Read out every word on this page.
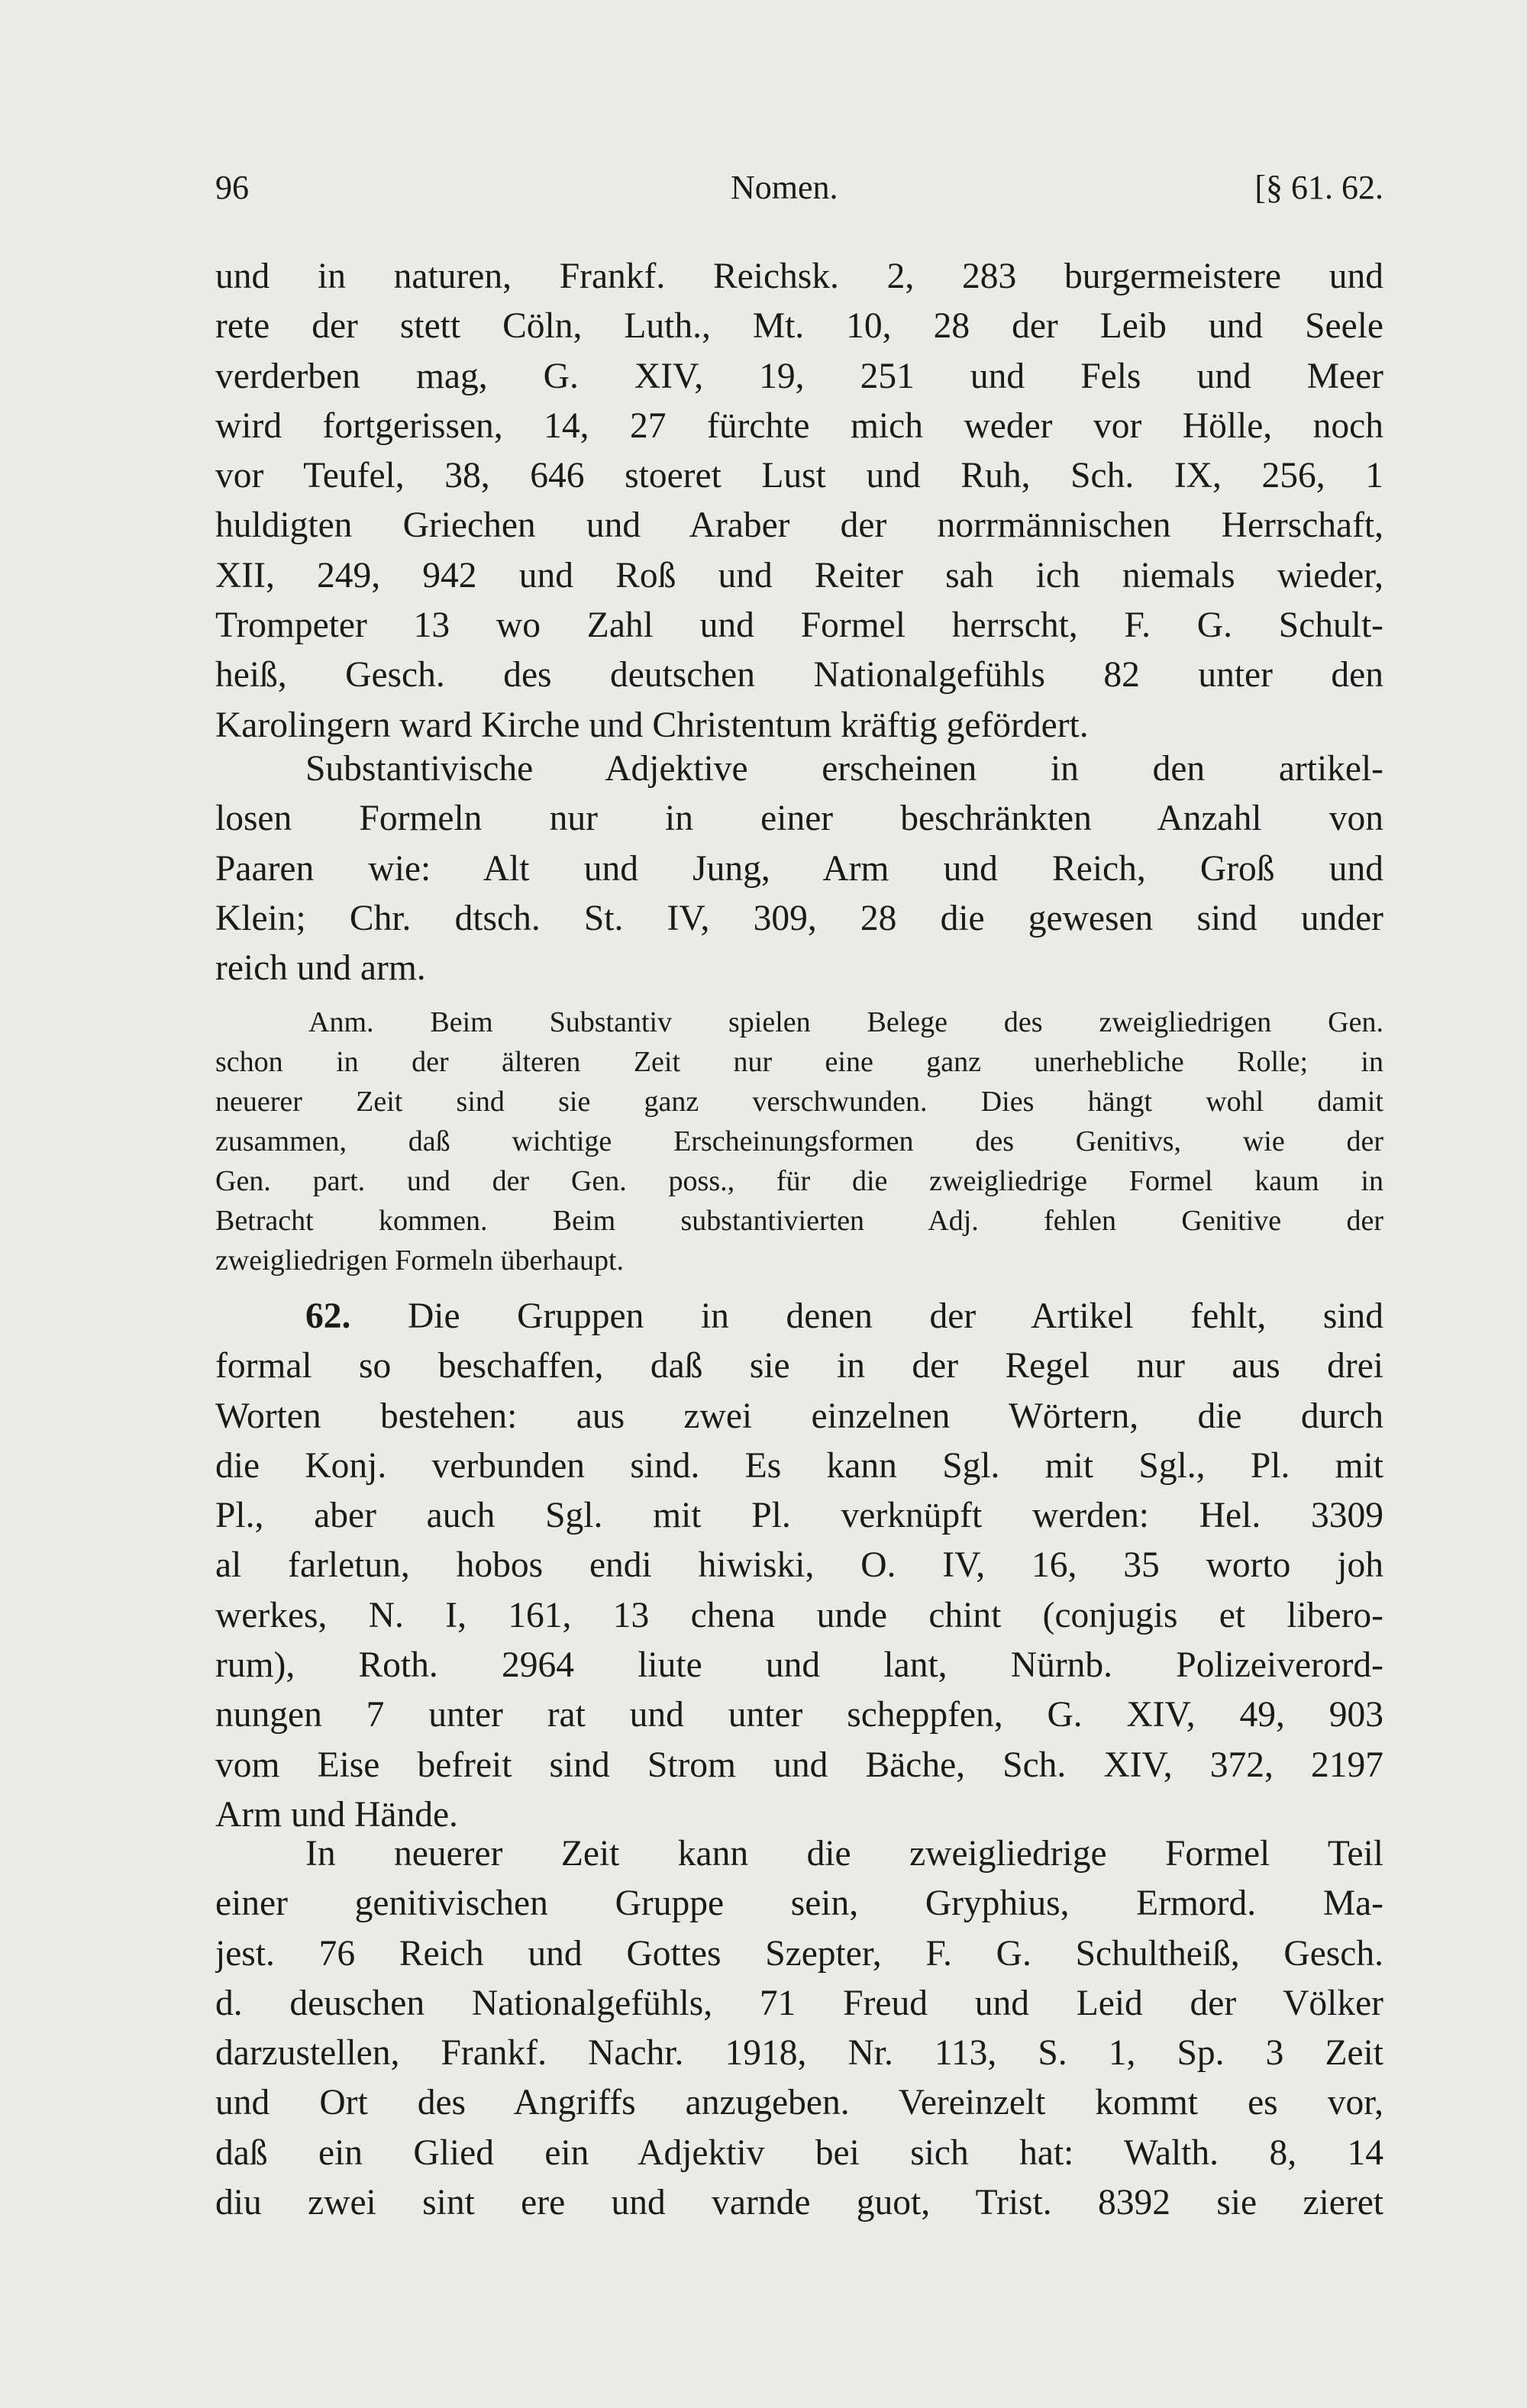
96	Nomen.	[§ 61. 62.
und in naturen, Frankf. Reichsk. 2, 283 burgermeistere und
rete der stett Cöln, Luth., Mt. 10, 28 der Leib und Seele
verderben mag, G. XIV, 19, 251 und Fels und Meer
wird fortgerissen, 14, 27 fürchte mich weder vor Hölle, noch
vor Teufel, 38, 646 stoeret Lust und Ruh, Sch. IX, 256, 1
huldigten Griechen und Araber der norrmännischen Herrschaft,
XII, 249, 942 und Roß und Reiter sah ich niemals wieder,
Trompeter 13 wo Zahl und Formel herrscht, F. G. Schult-
heiß, Gesch. des deutschen Nationalgefühls 82 unter den
Karolingern ward Kirche und Christentum kräftig gefördert.
Substantivische Adjektive erscheinen in den artikel-
losen Formeln nur in einer beschränkten Anzahl von
Paaren wie: Alt und Jung, Arm und Reich, Groß und
Klein; Chr. dtsch. St. IV, 309, 28 die gewesen sind under
reich und arm.
Anm. Beim Substantiv spielen Belege des zweigliedrigen Gen.
schon in der älteren Zeit nur eine ganz unerhebliche Rolle; in
neuerer Zeit sind sie ganz verschwunden. Dies hängt wohl damit
zusammen, daß wichtige Erscheinungsformen des Genitivs, wie der
Gen. part. und der Gen. poss., für die zweigliedrige Formel kaum in
Betracht kommen. Beim substantivierten Adj. fehlen Genitive der
zweigliedrigen Formeln überhaupt.
62. Die Gruppen in denen der Artikel fehlt, sind
formal so beschaffen, daß sie in der Regel nur aus drei
Worten bestehen: aus zwei einzelnen Wörtern, die durch
die Konj. verbunden sind. Es kann Sgl. mit Sgl., Pl. mit
Pl., aber auch Sgl. mit Pl. verknüpft werden: Hel. 3309
al farletun, hobos endi hiwiski, O. IV, 16, 35 worto joh
werkes, N. I, 161, 13 chena unde chint (conjugis et libero-
rum), Roth. 2964 liute und lant, Nürnb. Polizeiverord-
nungen 7 unter rat und unter scheppfen, G. XIV, 49, 903
vom Eise befreit sind Strom und Bäche, Sch. XIV, 372, 2197
Arm und Hände.
In neuerer Zeit kann die zweigliedrige Formel Teil
einer genitivischen Gruppe sein, Gryphius, Ermord. Ma-
jest. 76 Reich und Gottes Szepter, F. G. Schultheiß, Gesch.
d. deuschen Nationalgefühls, 71 Freud und Leid der Völker
darzustellen, Frankf. Nachr. 1918, Nr. 113, S. 1, Sp. 3 Zeit
und Ort des Angriffs anzugeben. Vereinzelt kommt es vor,
daß ein Glied ein Adjektiv bei sich hat: Walth. 8, 14
diu zwei sint ere und varnde guot, Trist. 8392 sie zieret
